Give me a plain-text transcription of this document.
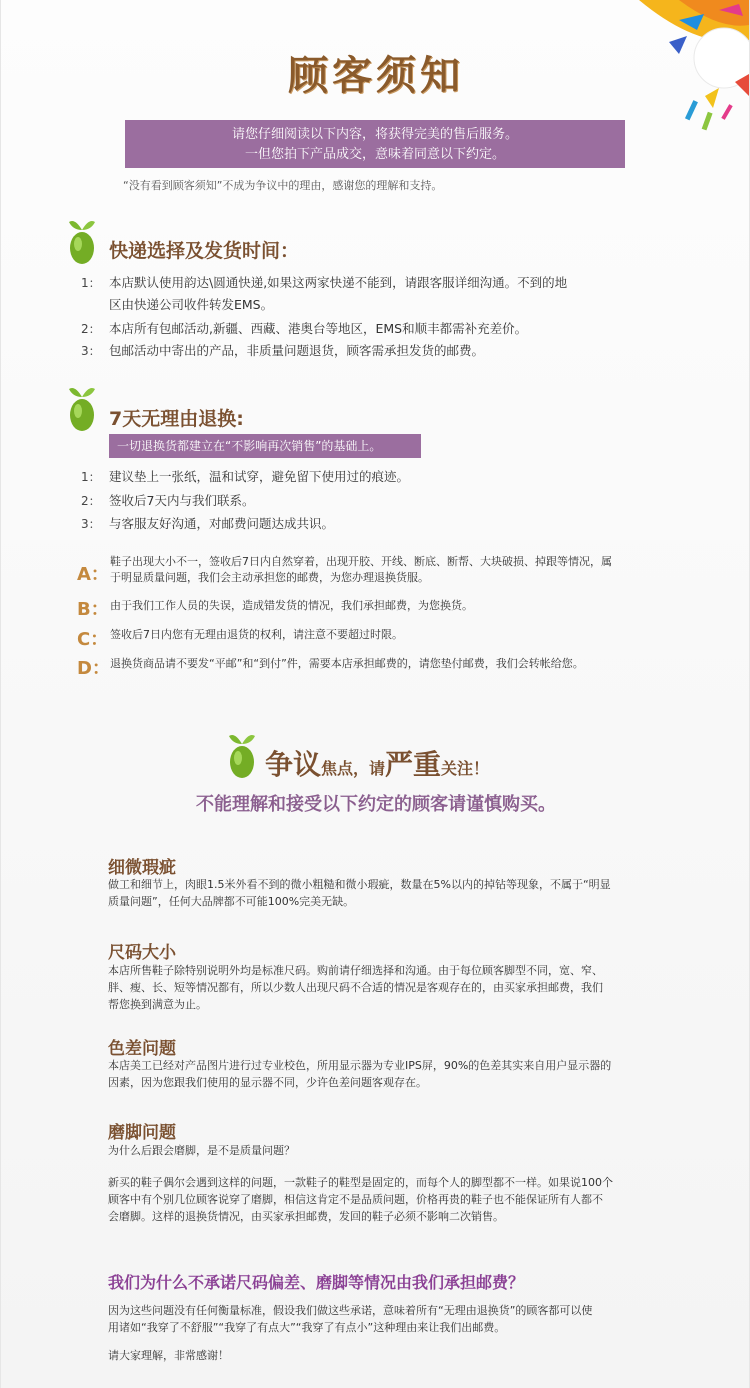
顾客须知
请您仔细阅读以下内容，将获得完美的售后服务。
一但您拍下产品成交，意味着同意以下约定。
“没有看到顾客须知”不成为争议中的理由，感谢您的理解和支持。
快递选择及发货时间：
1： 本店默认使用韵达\圆通快递,如果这两家快递不能到，请跟客服详细沟通。不到的地
区由快递公司收件转发EMS。
2： 本店所有包邮活动,新疆、西藏、港奥台等地区，EMS和顺丰都需补充差价。
3： 包邮活动中寄出的产品，非质量问题退货，顾客需承担发货的邮费。
7天无理由退换:
一切退换货都建立在“不影响再次销售”的基础上。
1： 建议垫上一张纸，温和试穿，避免留下使用过的痕迹。
2： 签收后7天内与我们联系。
3： 与客服友好沟通，对邮费问题达成共识。
A：
鞋子出现大小不一，签收后7日内自然穿着，出现开胶、开线、断底、断帮、大块破损、掉跟等情况，属
于明显质量问题，我们会主动承担您的邮费，为您办理退换货服。
B： 由于我们工作人员的失误，造成错发货的情况，我们承担邮费，为您换货。
C： 签收后7日内您有无理由退货的权利，请注意不要超过时限。
D： 退换货商品请不要发“平邮”和“到付”件，需要本店承担邮费的，请您垫付邮费，我们会转帐给您。
争议焦点，请严重关注！
不能理解和接受以下约定的顾客请谨慎购买。
细微瑕疵
做工和细节上，肉眼1.5米外看不到的微小粗糙和微小瑕疵，数量在5%以内的掉钻等现象，不属于“明显
质量问题”，任何大品牌都不可能100%完美无缺。
尺码大小
本店所售鞋子除特别说明外均是标准尺码。购前请仔细选择和沟通。由于每位顾客脚型不同，宽、窄、
胖、瘦、长、短等情况都有，所以少数人出现尺码不合适的情况是客观存在的，由买家承担邮费，我们
帮您换到满意为止。
色差问题
本店美工已经对产品图片进行过专业校色，所用显示器为专业IPS屏，90%的色差其实来自用户显示器的
因素，因为您跟我们使用的显示器不同，少许色差问题客观存在。
磨脚问题
为什么后跟会磨脚，是不是质量问题？
新买的鞋子偶尔会遇到这样的问题，一款鞋子的鞋型是固定的，而每个人的脚型都不一样。如果说100个
顾客中有个别几位顾客说穿了磨脚，相信这肯定不是品质问题，价格再贵的鞋子也不能保证所有人都不
会磨脚。这样的退换货情况，由买家承担邮费，发回的鞋子必须不影响二次销售。
我们为什么不承诺尺码偏差、磨脚等情况由我们承担邮费？
因为这些问题没有任何衡量标准，假设我们做这些承诺，意味着所有“无理由退换货”的顾客都可以使
用诸如“我穿了不舒服”“我穿了有点大”“我穿了有点小”这种理由来让我们出邮费。
请大家理解，非常感谢！
